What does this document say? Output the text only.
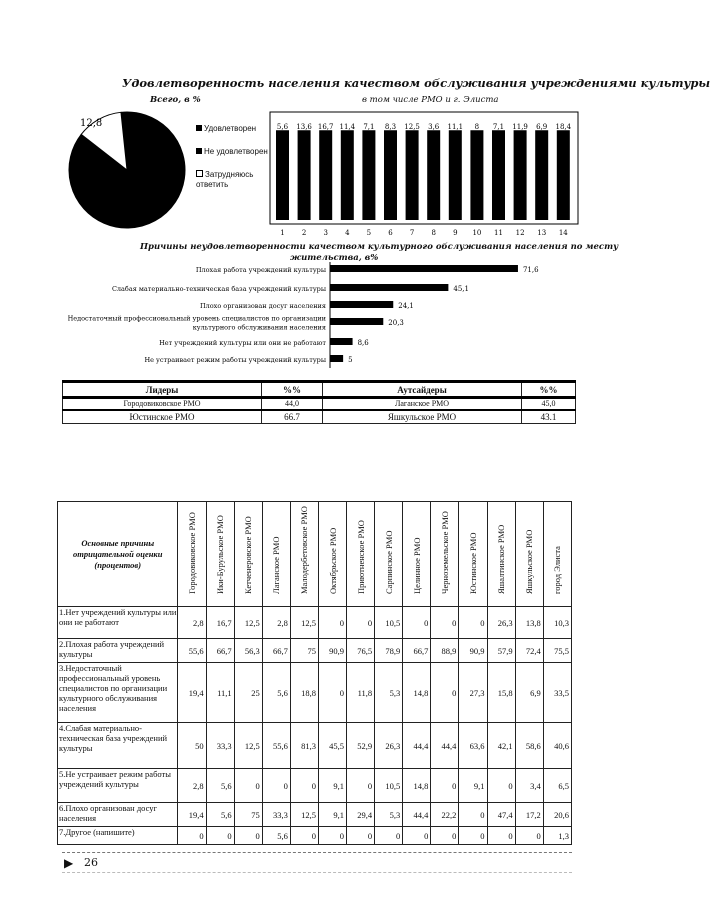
Удовлетворенность населения качеством обслуживания учреждениями культуры
Всего, в %	в том числе РМО и г. Элиста
12,8	Удовлетворен
Не удовлетворен
Затрудняюсь ответить
5,6
1
13,6
2
16,7
3
11,4
4
7,1
5
8,3
6
12,5
7
3,6
8
11,1
9
8
10
7,1
11
11,9
12
6,9
13
18,4
14
Причины неудовлетворенности качеством культурного обслуживания населения по месту
жительства, в%
71,6
Плохая работа учреждений культуры
45,1
Слабая материально-техническая база учреждений культуры
24,1
Плохо организован досуг населения
20,3
Недостаточный профессиональный уровень специалистов по организации
культурного обслуживания населения
8,6
Нет учреждений культуры или они не работают
5
Не устраивает режим работы учреждений культуры
Лидеры	%%	Аутсайдеры	%%
Городовиковское РМО	44,0	Лаганское РМО	45,0
Юстинское РМО	66.7	Яшкульское РМО	43.1
Основные причины отрицательной оценки (процентов)	Городовиковское РМО	Ики-Бурульское РМО	Кетченеровское РМО	Лаганское РМО	Малодербетовское РМО	Октябрьское РМО	Приютненское РМО	Сарпинское РМО	Целинное РМО	Черноземельское РМО	Юстинское РМО	Яшалтинское РМО	Яшкульское РМО	город Элиста

1.Нет учреждений культуры или они не работают	2,8	16,7	12,5	2,8	12,5	0	0	10,5	0	0	0	26,3	13,8	10,3
2.Плохая работа учреждений культуры	55,6	66,7	56,3	66,7	75	90,9	76,5	78,9	66,7	88,9	90,9	57,9	72,4	75,5
3.Недостаточный профессиональный уровень специалистов по организации культурного обслуживания населения	19,4	11,1	25	5,6	18,8	0	11,8	5,3	14,8	0	27,3	15,8	6,9	33,5
4.Слабая материально-техническая база учреждений культуры	50	33,3	12,5	55,6	81,3	45,5	52,9	26,3	44,4	44,4	63,6	42,1	58,6	40,6
5.Не устраивает режим работы учреждений культуры	2,8	5,6	0	0	0	9,1	0	10,5	14,8	0	9,1	0	3,4	6,5
6.Плохо организован досуг населения	19,4	5,6	75	33,3	12,5	9,1	29,4	5,3	44,4	22,2	0	47,4	17,2	20,6
7.Другое (напишите)	0	0	0	5,6	0	0	0	0	0	0	0	0	0	1,3
▶ 26
